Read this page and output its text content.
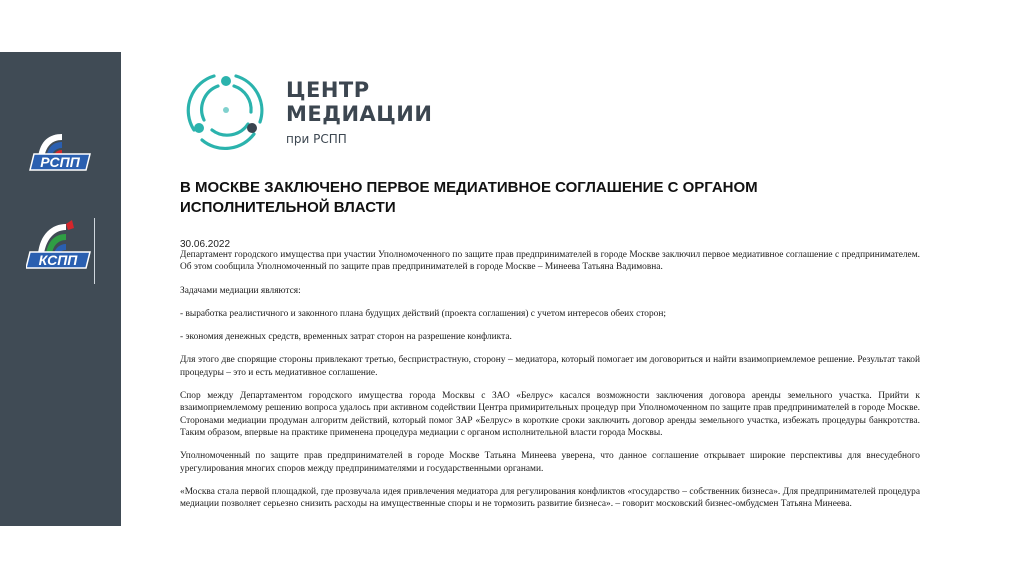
РСПП
КСПП
ЦЕНТР
МЕДИАЦИИ
при РСПП
В МОСКВЕ ЗАКЛЮЧЕНО ПЕРВОЕ МЕДИАТИВНОЕ СОГЛАШЕНИЕ С ОРГАНОМ ИСПОЛНИТЕЛЬНОЙ ВЛАСТИ
30.06.2022

Департамент городского имущества при участии Уполномоченного по защите прав предпринимателей в городе Москве заключил первое медиативное соглашение с предпринимателем. Об этом сообщила Уполномоченный по защите прав предпринимателей в городе Москве – Минеева Татьяна Вадимовна.

Задачами медиации являются:

- выработка реалистичного и законного плана будущих действий (проекта соглашения) с учетом интересов обеих сторон;

- экономия денежных средств, временных затрат сторон на разрешение конфликта.

Для этого две спорящие стороны привлекают третью, беспристрастную, сторону – медиатора, который помогает им договориться и найти взаимоприемлемое решение. Результат такой процедуры – это и есть медиативное соглашение.

Спор между Департаментом городского имущества города Москвы с ЗАО «Белрус» касался возможности заключения договора аренды земельного участка. Прийти к взаимоприемлемому решению вопроса удалось при активном содействии Центра примирительных процедур при Уполномоченном по защите прав предпринимателей в городе Москве. Сторонами медиации продуман алгоритм действий, который помог ЗАР «Белрус» в короткие сроки заключить договор аренды земельного участка, избежать процедуры банкротства. Таким образом, впервые на практике применена процедура медиации с органом исполнительной власти города Москвы.

Уполномоченный по защите прав предпринимателей в городе Москве Татьяна Минеева уверена, что данное соглашение открывает широкие перспективы для внесудебного урегулирования многих споров между предпринимателями и государственными органами.

«Москва стала первой площадкой, где прозвучала идея привлечения медиатора для регулирования конфликтов «государство – собственник бизнеса». Для предпринимателей процедура медиации позволяет серьезно снизить расходы на имущественные споры и не тормозить развитие бизнеса». – говорит московский бизнес-омбудсмен Татьяна Минеева.
